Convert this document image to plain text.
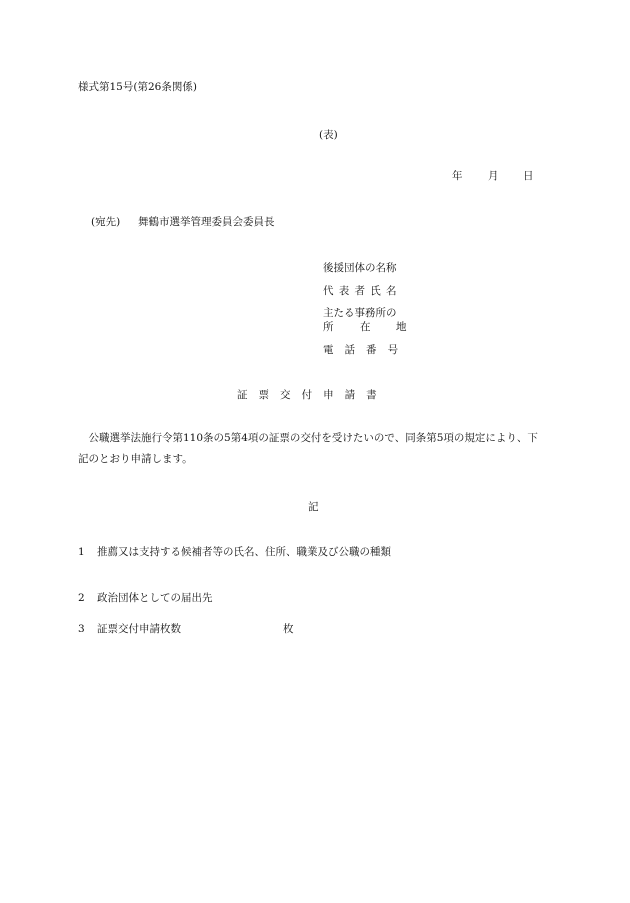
様式第15号(第26条関係)
(表)
年 月 日
(宛先) 舞鶴市選挙管理委員会委員長
後援団体の名称
代表者氏名
主たる事務所の
所	在 地
電話番号
証票交付申請書
公職選挙法施行令第110条の5第4項の証票の交付を受けたいので、同条第5項の規定により、下記のとおり申請します。
記
1 推薦又は支持する候補者等の氏名、住所、職業及び公職の種類
2 政治団体としての届出先
3 証票交付申請枚数	枚
